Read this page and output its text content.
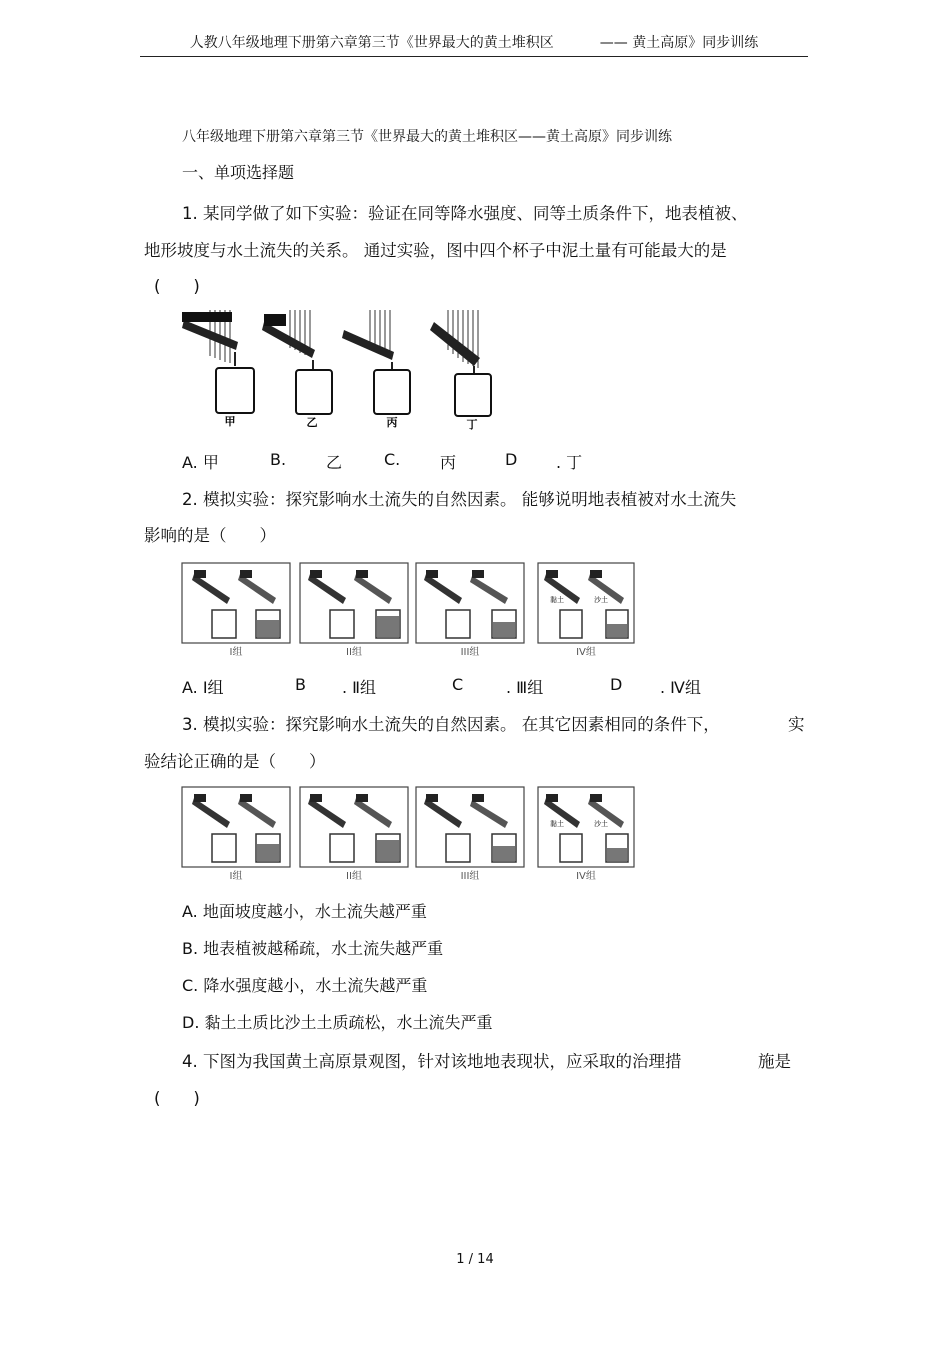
人教八年级地理下册第六章第三节《世界最大的黄土堆积区	—— 黄土高原》同步训练
八年级地理下册第六章第三节《世界最大的黄土堆积区——黄土高原》同步训练
一、单项选择题
1. 某同学做了如下实验：验证在同等降水强度、同等土质条件下，地表植被、
地形坡度与水土流失的关系。 通过实验，图中四个杯子中泥土量有可能最大的是
(　　)
甲	乙	丙	丁
A. 甲	B. 乙	C. 丙	D . 丁
2. 模拟实验：探究影响水土流失的自然因素。 能够说明地表植被对水土流失
影响的是（　　）
黏土	沙土
I组	II组	III组	IV组
A. Ⅰ组	B . Ⅱ组	C	. Ⅲ组	D . Ⅳ组
3. 模拟实验：探究影响水土流失的自然因素。 在其它因素相同的条件下，	实
验结论正确的是（　　）
黏土	沙土
I组	II组	III组	IV组
A. 地面坡度越小，水土流失越严重
B. 地表植被越稀疏，水土流失越严重
C. 降水强度越小，水土流失越严重
D. 黏土土质比沙土土质疏松，水土流失严重
4. 下图为我国黄土高原景观图，针对该地地表现状，应采取的治理措	施是
(　　)
1 / 14
